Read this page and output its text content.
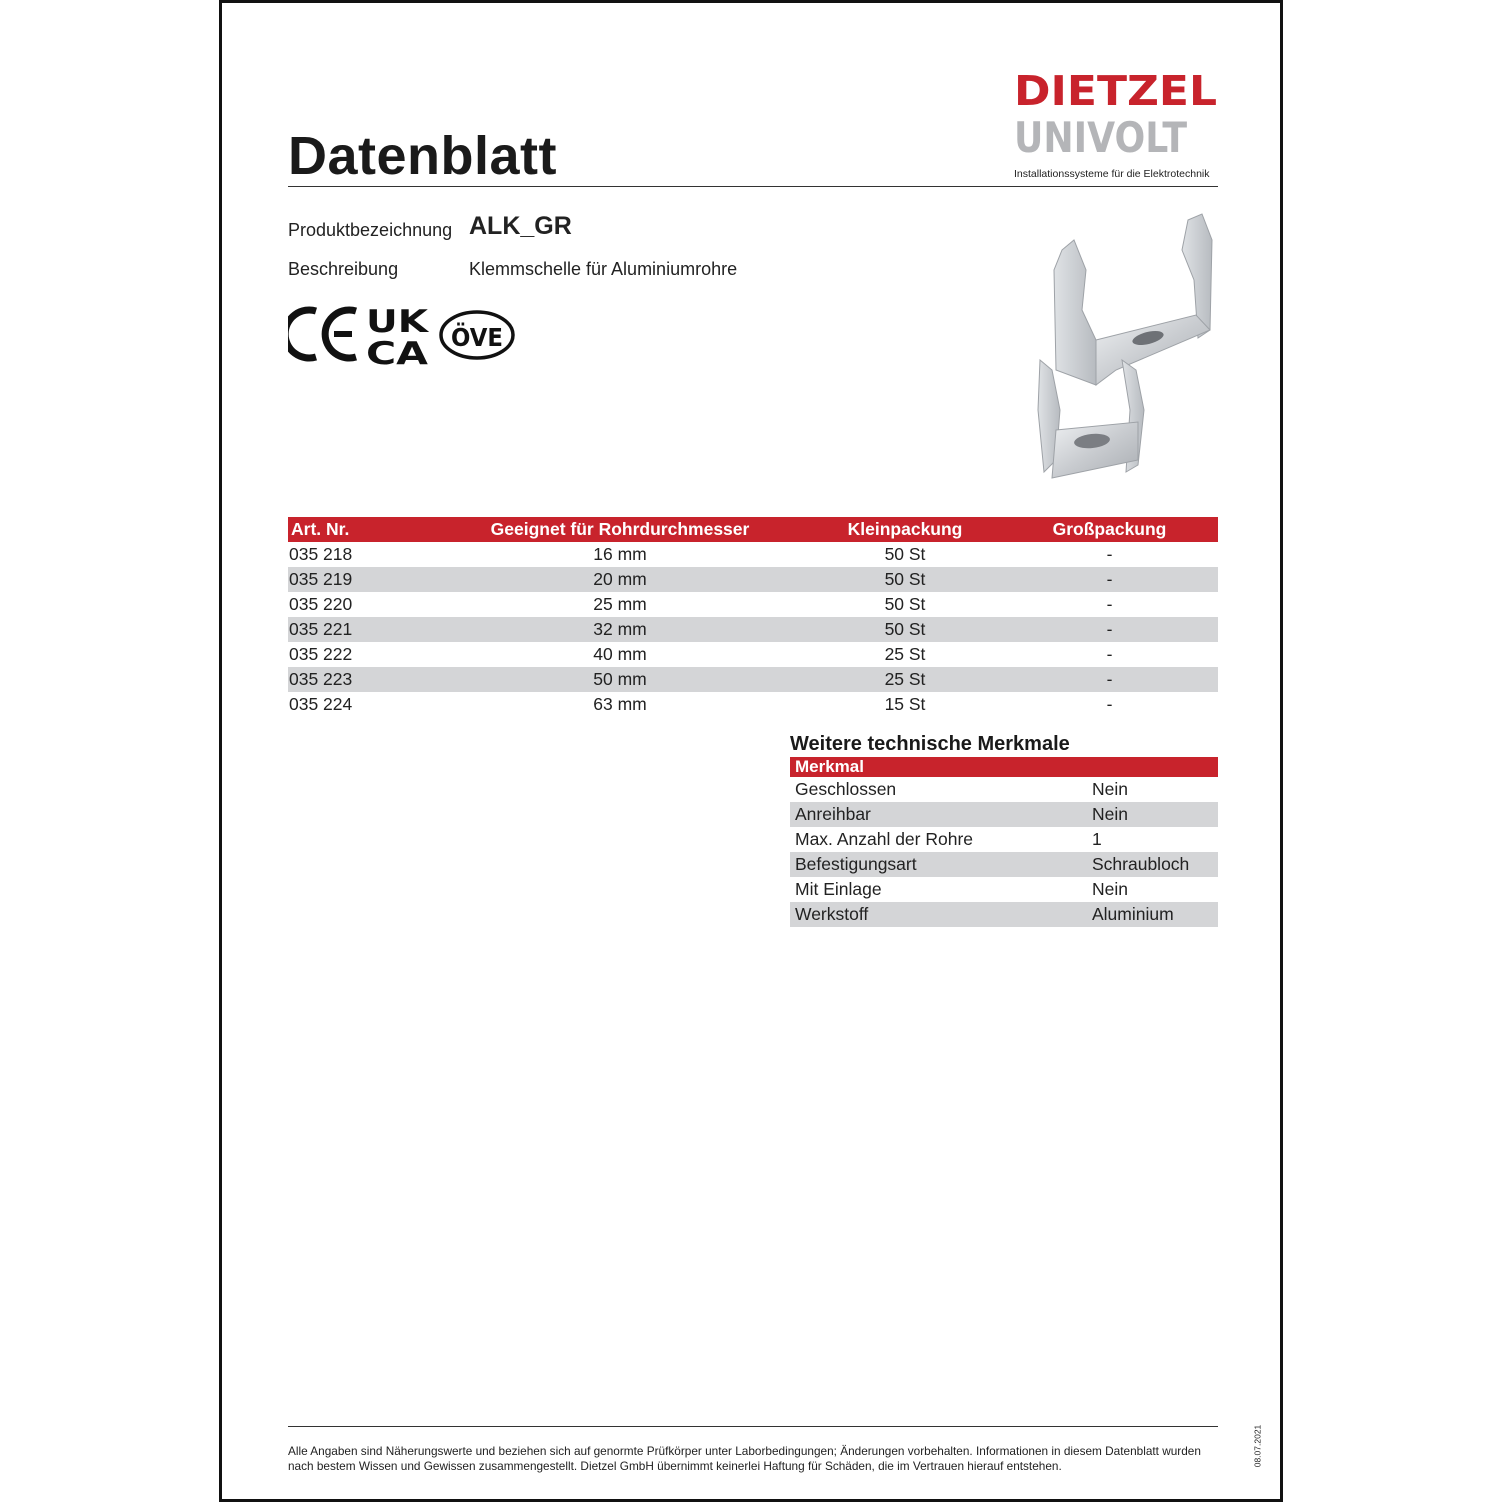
Datenblatt
DIETZEL
UNIVOLT
Installationssysteme für die Elektrotechnik
Produktbezeichnung ALK_GR
Beschreibung	Klemmschelle für Aluminiumrohre
UK
CA ÖVE
Art. Nr.	Geeignet für Rohrdurchmesser	Kleinpackung	Großpackung
035 218	16 mm	50 St	-
035 219	20 mm	50 St	-
035 220	25 mm	50 St	-
035 221	32 mm	50 St	-
035 222	40 mm	25 St	-
035 223	50 mm	25 St	-
035 224	63 mm	15 St	-
Weitere technische Merkmale
Merkmal	
Geschlossen	Nein
Anreihbar	Nein
Max. Anzahl der Rohre	1
Befestigungsart	Schraubloch
Mit Einlage	Nein
Werkstoff	Aluminium
Alle Angaben sind Näherungswerte und beziehen sich auf genormte Prüfkörper unter Laborbedingungen; Änderungen vorbehalten. Informationen in diesem Datenblatt wurden nach bestem Wissen und Gewissen zusammengestellt. Dietzel GmbH übernimmt keinerlei Haftung für Schäden, die im Vertrauen hierauf entstehen.	08.07.2021
